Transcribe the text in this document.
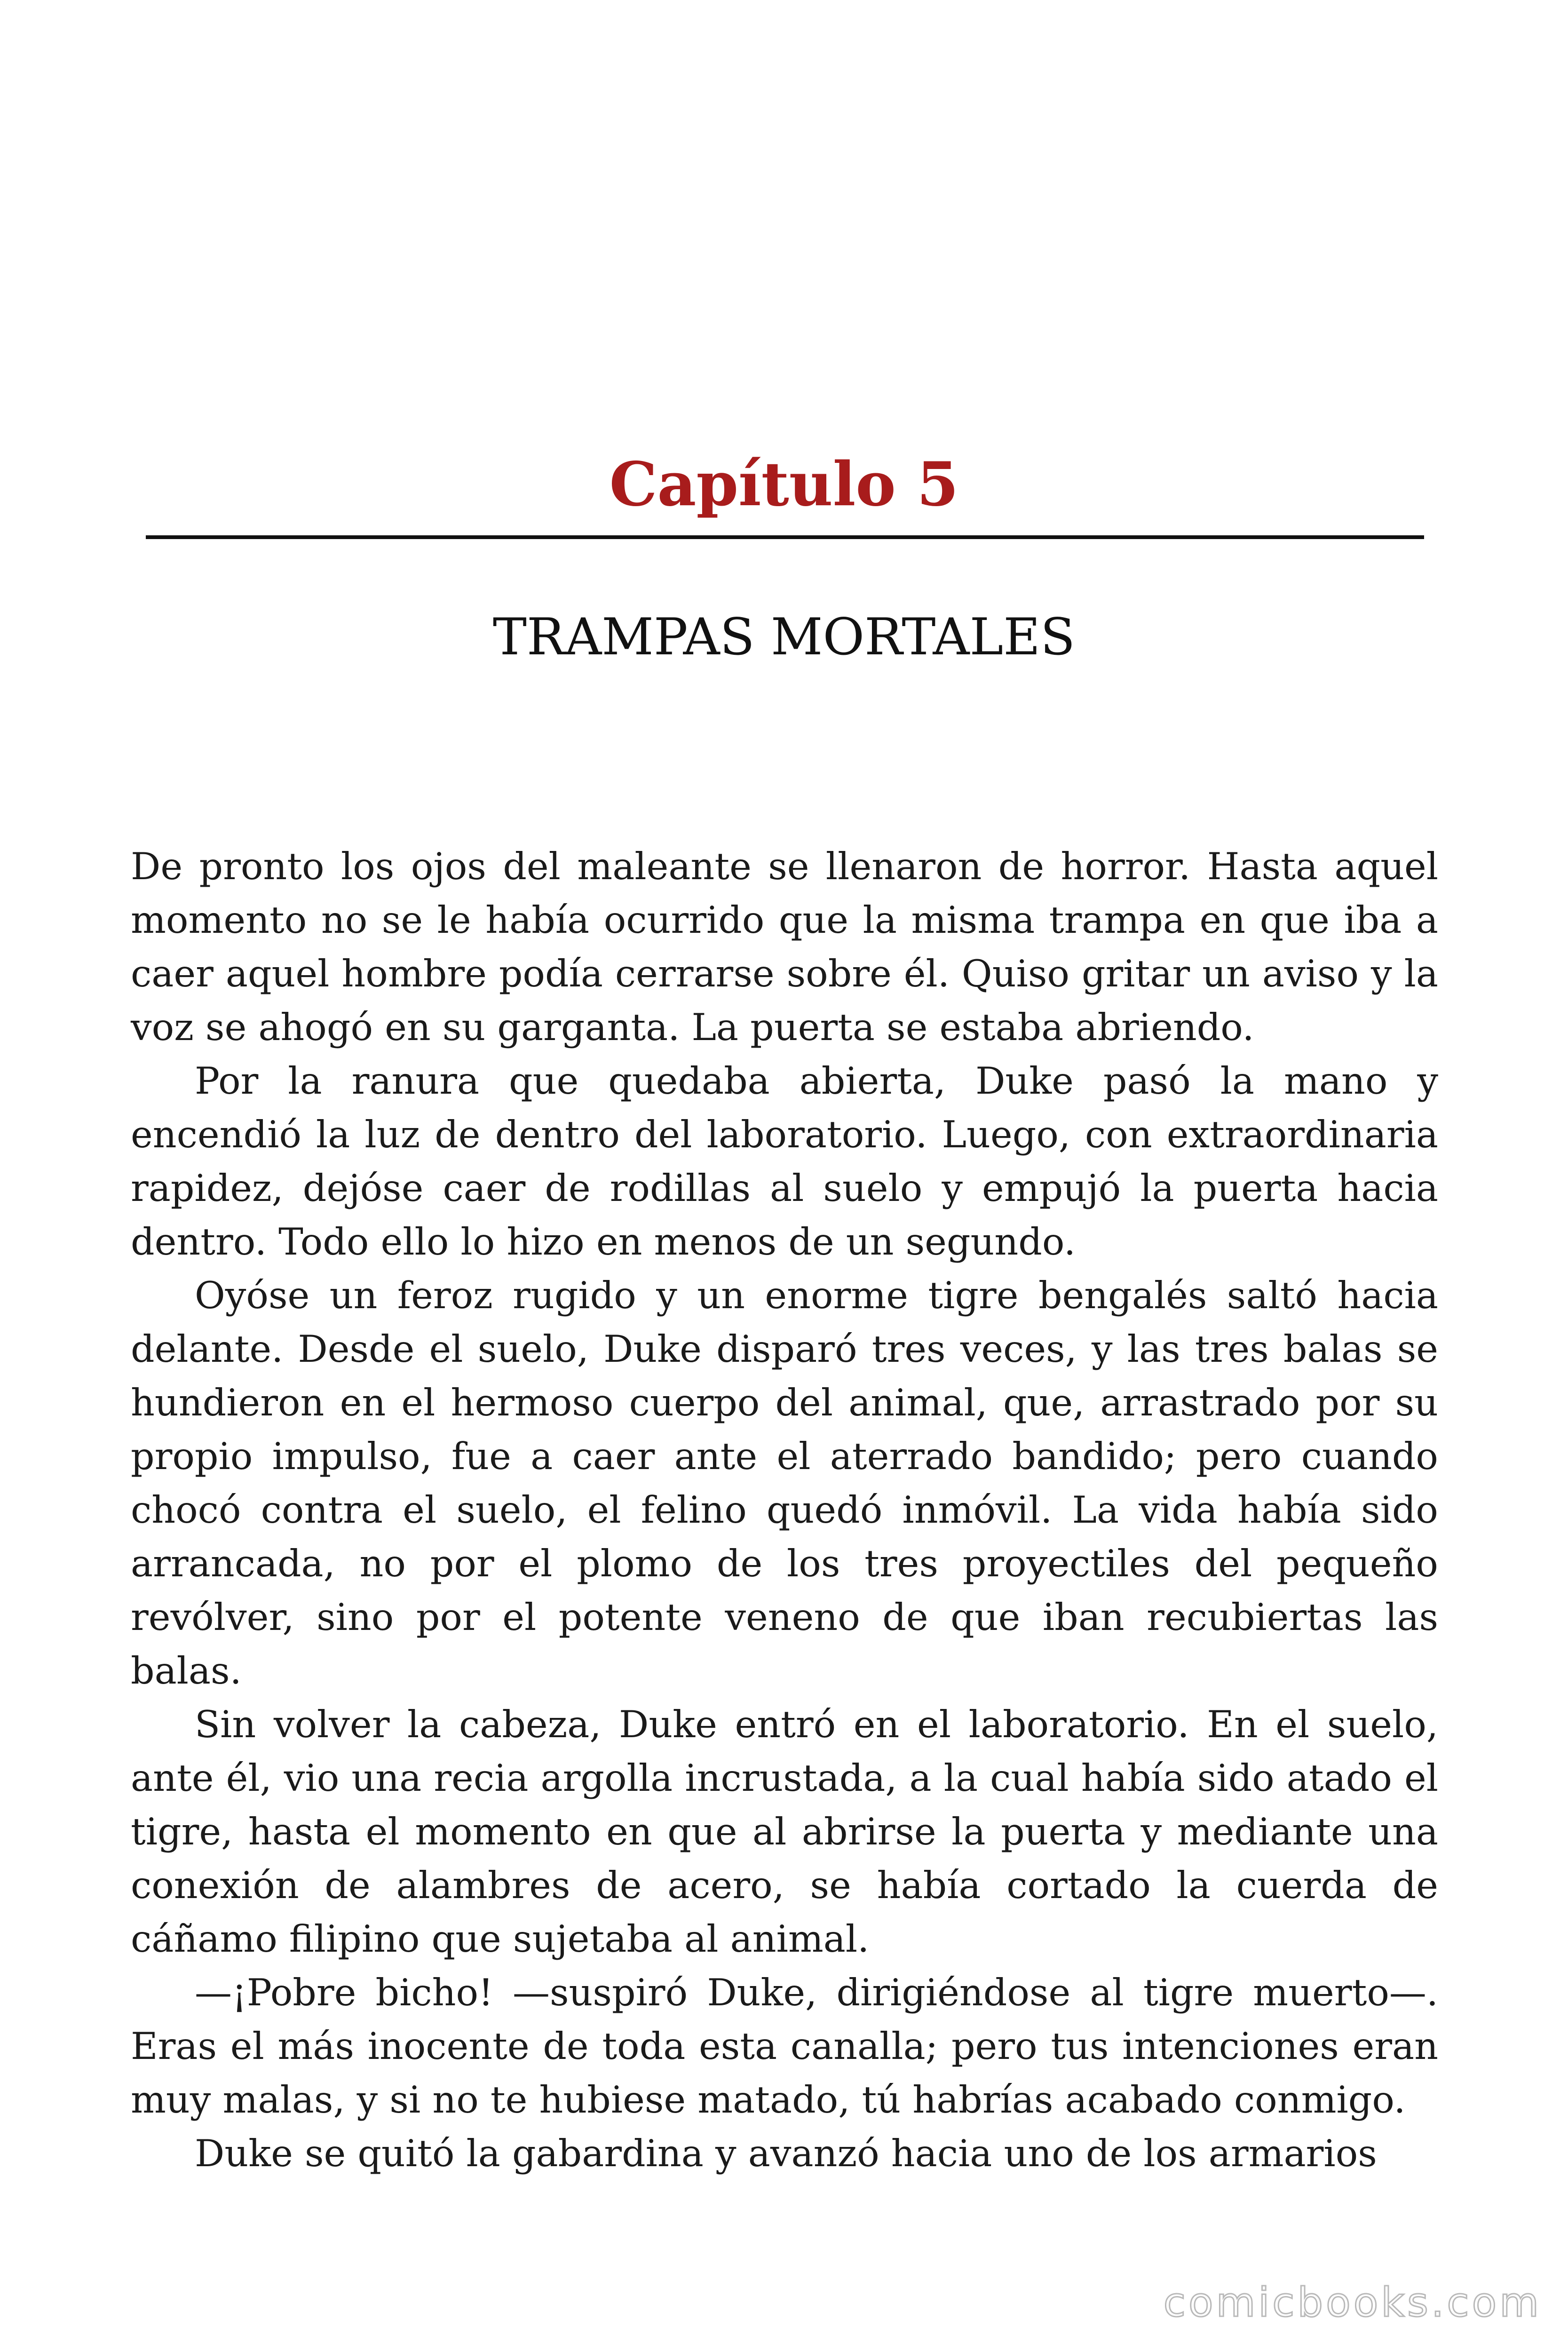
Capítulo 5
TRAMPAS MORTALES

De pronto los ojos del maleante se llenaron de horror. Hasta aquel momento no se le había ocurrido que la misma trampa en que iba a caer aquel hombre podía cerrarse sobre él. Quiso gritar un aviso y la voz se ahogó en su garganta. La puerta se estaba abriendo.

Por la ranura que quedaba abierta, Duke pasó la mano y encendió la luz de dentro del laboratorio. Luego, con extraordinaria rapidez, dejóse caer de rodillas al suelo y empujó la puerta hacia dentro. Todo ello lo hizo en menos de un segundo.

Oyóse un feroz rugido y un enorme tigre bengalés saltó hacia delante. Desde el suelo, Duke disparó tres veces, y las tres balas se hundieron en el hermoso cuerpo del animal, que, arrastrado por su propio impulso, fue a caer ante el aterrado bandido; pero cuando chocó contra el suelo, el felino quedó inmóvil. La vida había sido arrancada, no por el plomo de los tres proyectiles del pequeño revólver, sino por el potente veneno de que iban recubiertas las balas.

Sin volver la cabeza, Duke entró en el laboratorio. En el suelo, ante él, vio una recia argolla incrustada, a la cual había sido atado el tigre, hasta el momento en que al abrirse la puerta y mediante una conexión de alambres de acero, se había cortado la cuerda de cáñamo filipino que sujetaba al animal.

—¡Pobre bicho! —suspiró Duke, dirigiéndose al tigre muerto—. Eras el más inocente de toda esta canalla; pero tus intenciones eran muy malas, y si no te hubiese matado, tú habrías acabado conmigo.

Duke se quitó la gabardina y avanzó hacia uno de los armarios

comicbooks.com
